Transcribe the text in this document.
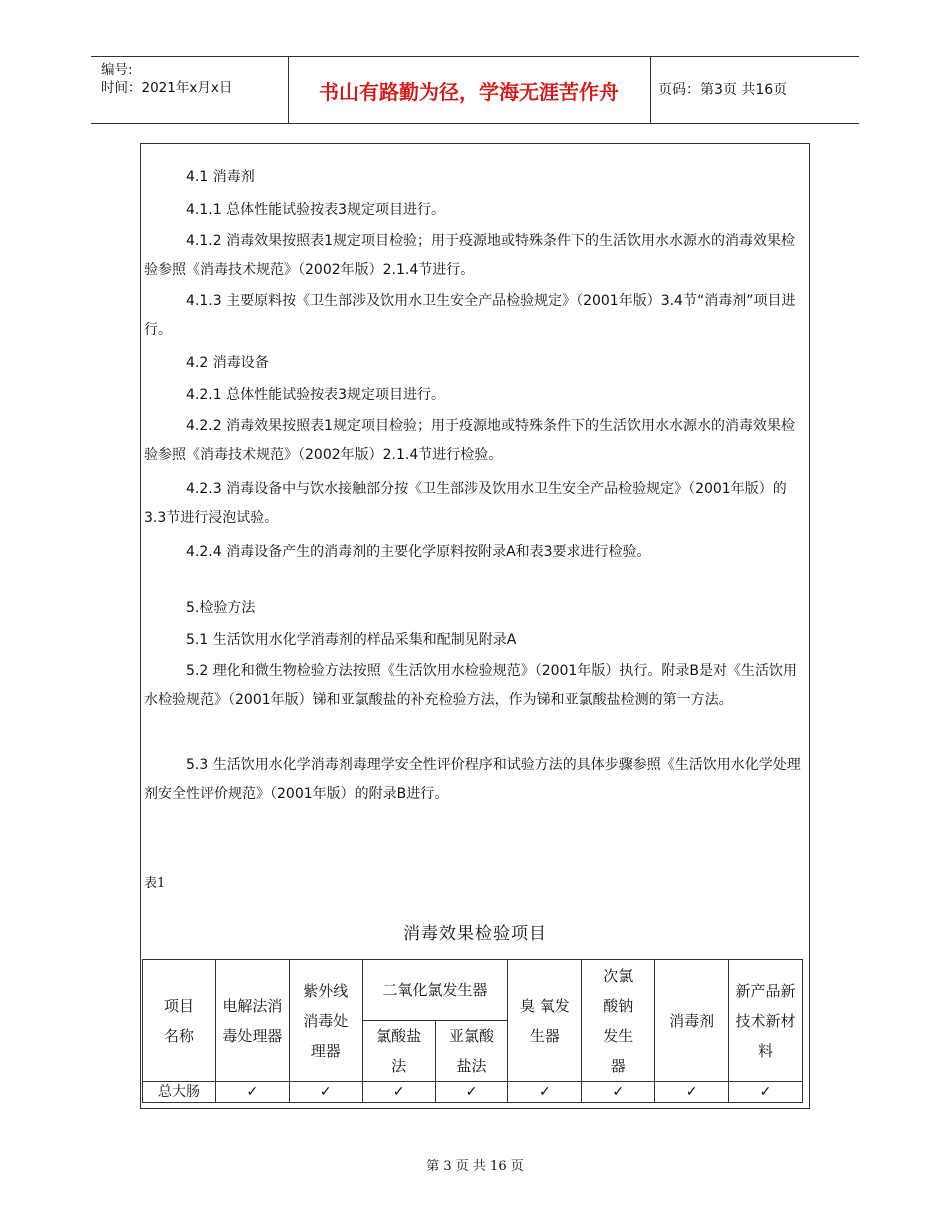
编号:
时间：2021年x月x日	书山有路勤为径，学海无涯苦作舟	页码：第3页 共16页

4.1 消毒剂

4.1.1 总体性能试验按表3规定项目进行。

4.1.2 消毒效果按照表1规定项目检验；用于疫源地或特殊条件下的生活饮用水水源水的消毒效果检验参照《消毒技术规范》（2002年版）2.1.4节进行。

4.1.3 主要原料按《卫生部涉及饮用水卫生安全产品检验规定》（2001年版）3.4节“消毒剂”项目进行。

4.2 消毒设备

4.2.1 总体性能试验按表3规定项目进行。

4.2.2 消毒效果按照表1规定项目检验；用于疫源地或特殊条件下的生活饮用水水源水的消毒效果检验参照《消毒技术规范》（2002年版）2.1.4节进行检验。

4.2.3 消毒设备中与饮水接触部分按《卫生部涉及饮用水卫生安全产品检验规定》（2001年版）的3.3节进行浸泡试验。

4.2.4 消毒设备产生的消毒剂的主要化学原料按附录A和表3要求进行检验。

5.检验方法

5.1 生活饮用水化学消毒剂的样品采集和配制见附录A

5.2 理化和微生物检验方法按照《生活饮用水检验规范》（2001年版）执行。附录B是对《生活饮用水检验规范》（2001年版）锑和亚氯酸盐的补充检验方法，作为锑和亚氯酸盐检测的第一方法。

5.3 生活饮用水化学消毒剂毒理学安全性评价程序和试验方法的具体步骤参照《生活饮用水化学处理剂安全性评价规范》（2001年版）的附录B进行。

表1
消毒效果检验项目
项目名称	电解法消毒处理器	紫外线消毒处理器	二氧化氯发生器		臭 氧发生器	次氯酸钠发生器	消毒剂	新产品新技术新材料
			氯酸盐法	亚氯酸盐法				
总大肠	✓	✓	✓	✓	✓	✓	✓	✓
第 3 页 共 16 页
